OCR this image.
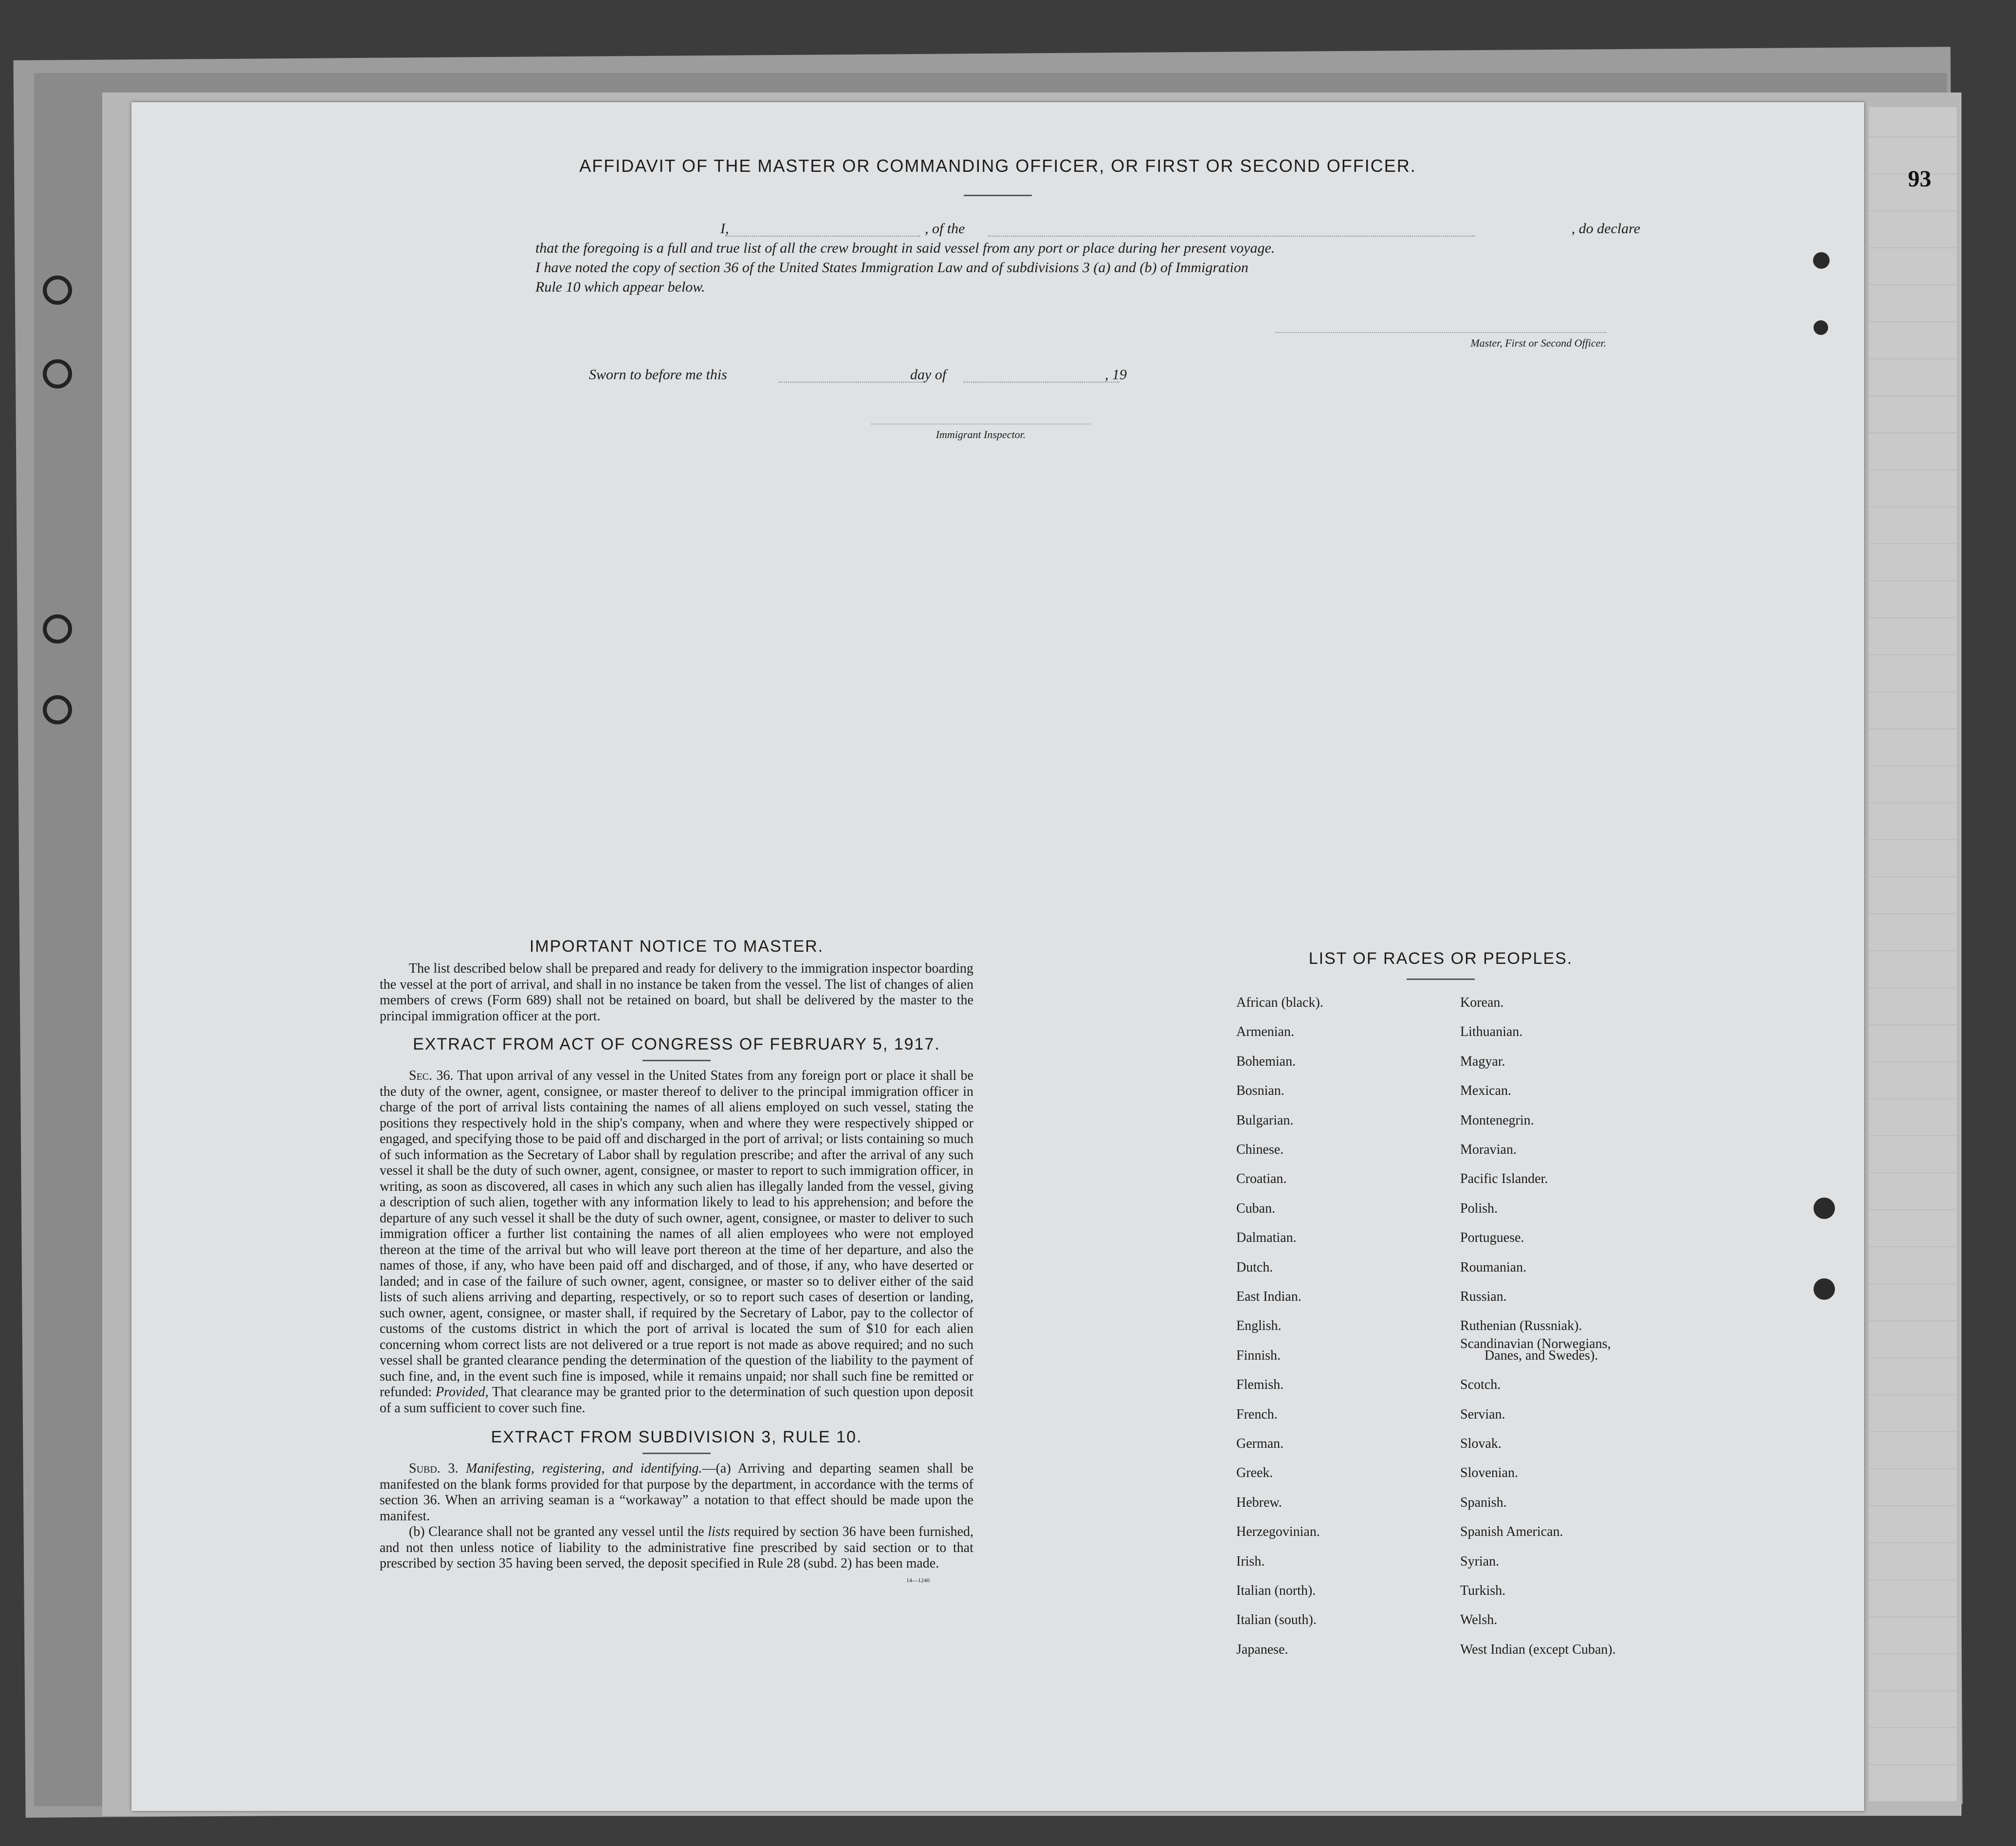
93
AFFIDAVIT OF THE MASTER OR COMMANDING OFFICER, OR FIRST OR SECOND OFFICER.
I,	, of the	, do declare
that the foregoing is a full and true list of all the crew brought in said vessel from any port or place during her present voyage.
I have noted the copy of section 36 of the United States Immigration Law and of subdivisions 3 (a) and (b) of Immigration
Rule 10 which appear below.
Master, First or Second Officer.
Sworn to before me this	day of	, 19
Immigrant Inspector.

IMPORTANT NOTICE TO MASTER.

The list described below shall be prepared and ready for delivery to the immigration inspector boarding the vessel at the port of arrival, and shall in no instance be taken from the vessel. The list of changes of alien members of crews (Form 689) shall not be retained on board, but shall be delivered by the master to the principal immigration officer at the port.

EXTRACT FROM ACT OF CONGRESS OF FEBRUARY 5, 1917.

Sec. 36. That upon arrival of any vessel in the United States from any foreign port or place it shall be the duty of the owner, agent, consignee, or master thereof to deliver to the principal immigration officer in charge of the port of arrival lists containing the names of all aliens employed on such vessel, stating the positions they respectively hold in the ship's company, when and where they were respectively shipped or engaged, and specifying those to be paid off and discharged in the port of arrival; or lists containing so much of such information as the Secretary of Labor shall by regulation prescribe; and after the arrival of any such vessel it shall be the duty of such owner, agent, consignee, or master to report to such immigration officer, in writing, as soon as discovered, all cases in which any such alien has illegally landed from the vessel, giving a description of such alien, together with any information likely to lead to his apprehension; and before the departure of any such vessel it shall be the duty of such owner, agent, consignee, or master to deliver to such immigration officer a further list containing the names of all alien employees who were not employed thereon at the time of the arrival but who will leave port thereon at the time of her departure, and also the names of those, if any, who have been paid off and discharged, and of those, if any, who have deserted or landed; and in case of the failure of such owner, agent, consignee, or master so to deliver either of the said lists of such aliens arriving and departing, respectively, or so to report such cases of desertion or landing, such owner, agent, consignee, or master shall, if required by the Secretary of Labor, pay to the collector of customs of the customs district in which the port of arrival is located the sum of $10 for each alien concerning whom correct lists are not delivered or a true report is not made as above required; and no such vessel shall be granted clearance pending the determination of the question of the liability to the payment of such fine, and, in the event such fine is imposed, while it remains unpaid; nor shall such fine be remitted or refunded: Provided, That clearance may be granted prior to the determination of such question upon deposit of a sum sufficient to cover such fine.

EXTRACT FROM SUBDIVISION 3, RULE 10.

Subd. 3. Manifesting, registering, and identifying.—(a) Arriving and departing seamen shall be manifested on the blank forms provided for that purpose by the department, in accordance with the terms of section 36. When an arriving seaman is a “workaway” a notation to that effect should be made upon the manifest.

(b) Clearance shall not be granted any vessel until the lists required by section 36 have been furnished, and not then unless notice of liability to the administrative fine prescribed by said section or to that prescribed by section 35 having been served, the deposit specified in Rule 28 (subd. 2) has been made.

14—1240
LIST OF RACES OR PEOPLES.
Danes, and Swedes).
African (black).
Armenian.
Bohemian.
Bosnian.
Bulgarian.
Chinese.
Croatian.
Cuban.
Dalmatian.
Dutch.
East Indian.
English.
Finnish.
Flemish.
French.
German.
Greek.
Hebrew.
Herzegovinian.
Irish.
Italian (north).
Italian (south).
Japanese.
Korean.
Lithuanian.
Magyar.
Mexican.
Montenegrin.
Moravian.
Pacific Islander.
Polish.
Portuguese.
Roumanian.
Russian.
Ruthenian (Russniak).
Scandinavian (Norwegians,
Scotch.
Servian.
Slovak.
Slovenian.
Spanish.
Spanish American.
Syrian.
Turkish.
Welsh.
West Indian (except Cuban).
